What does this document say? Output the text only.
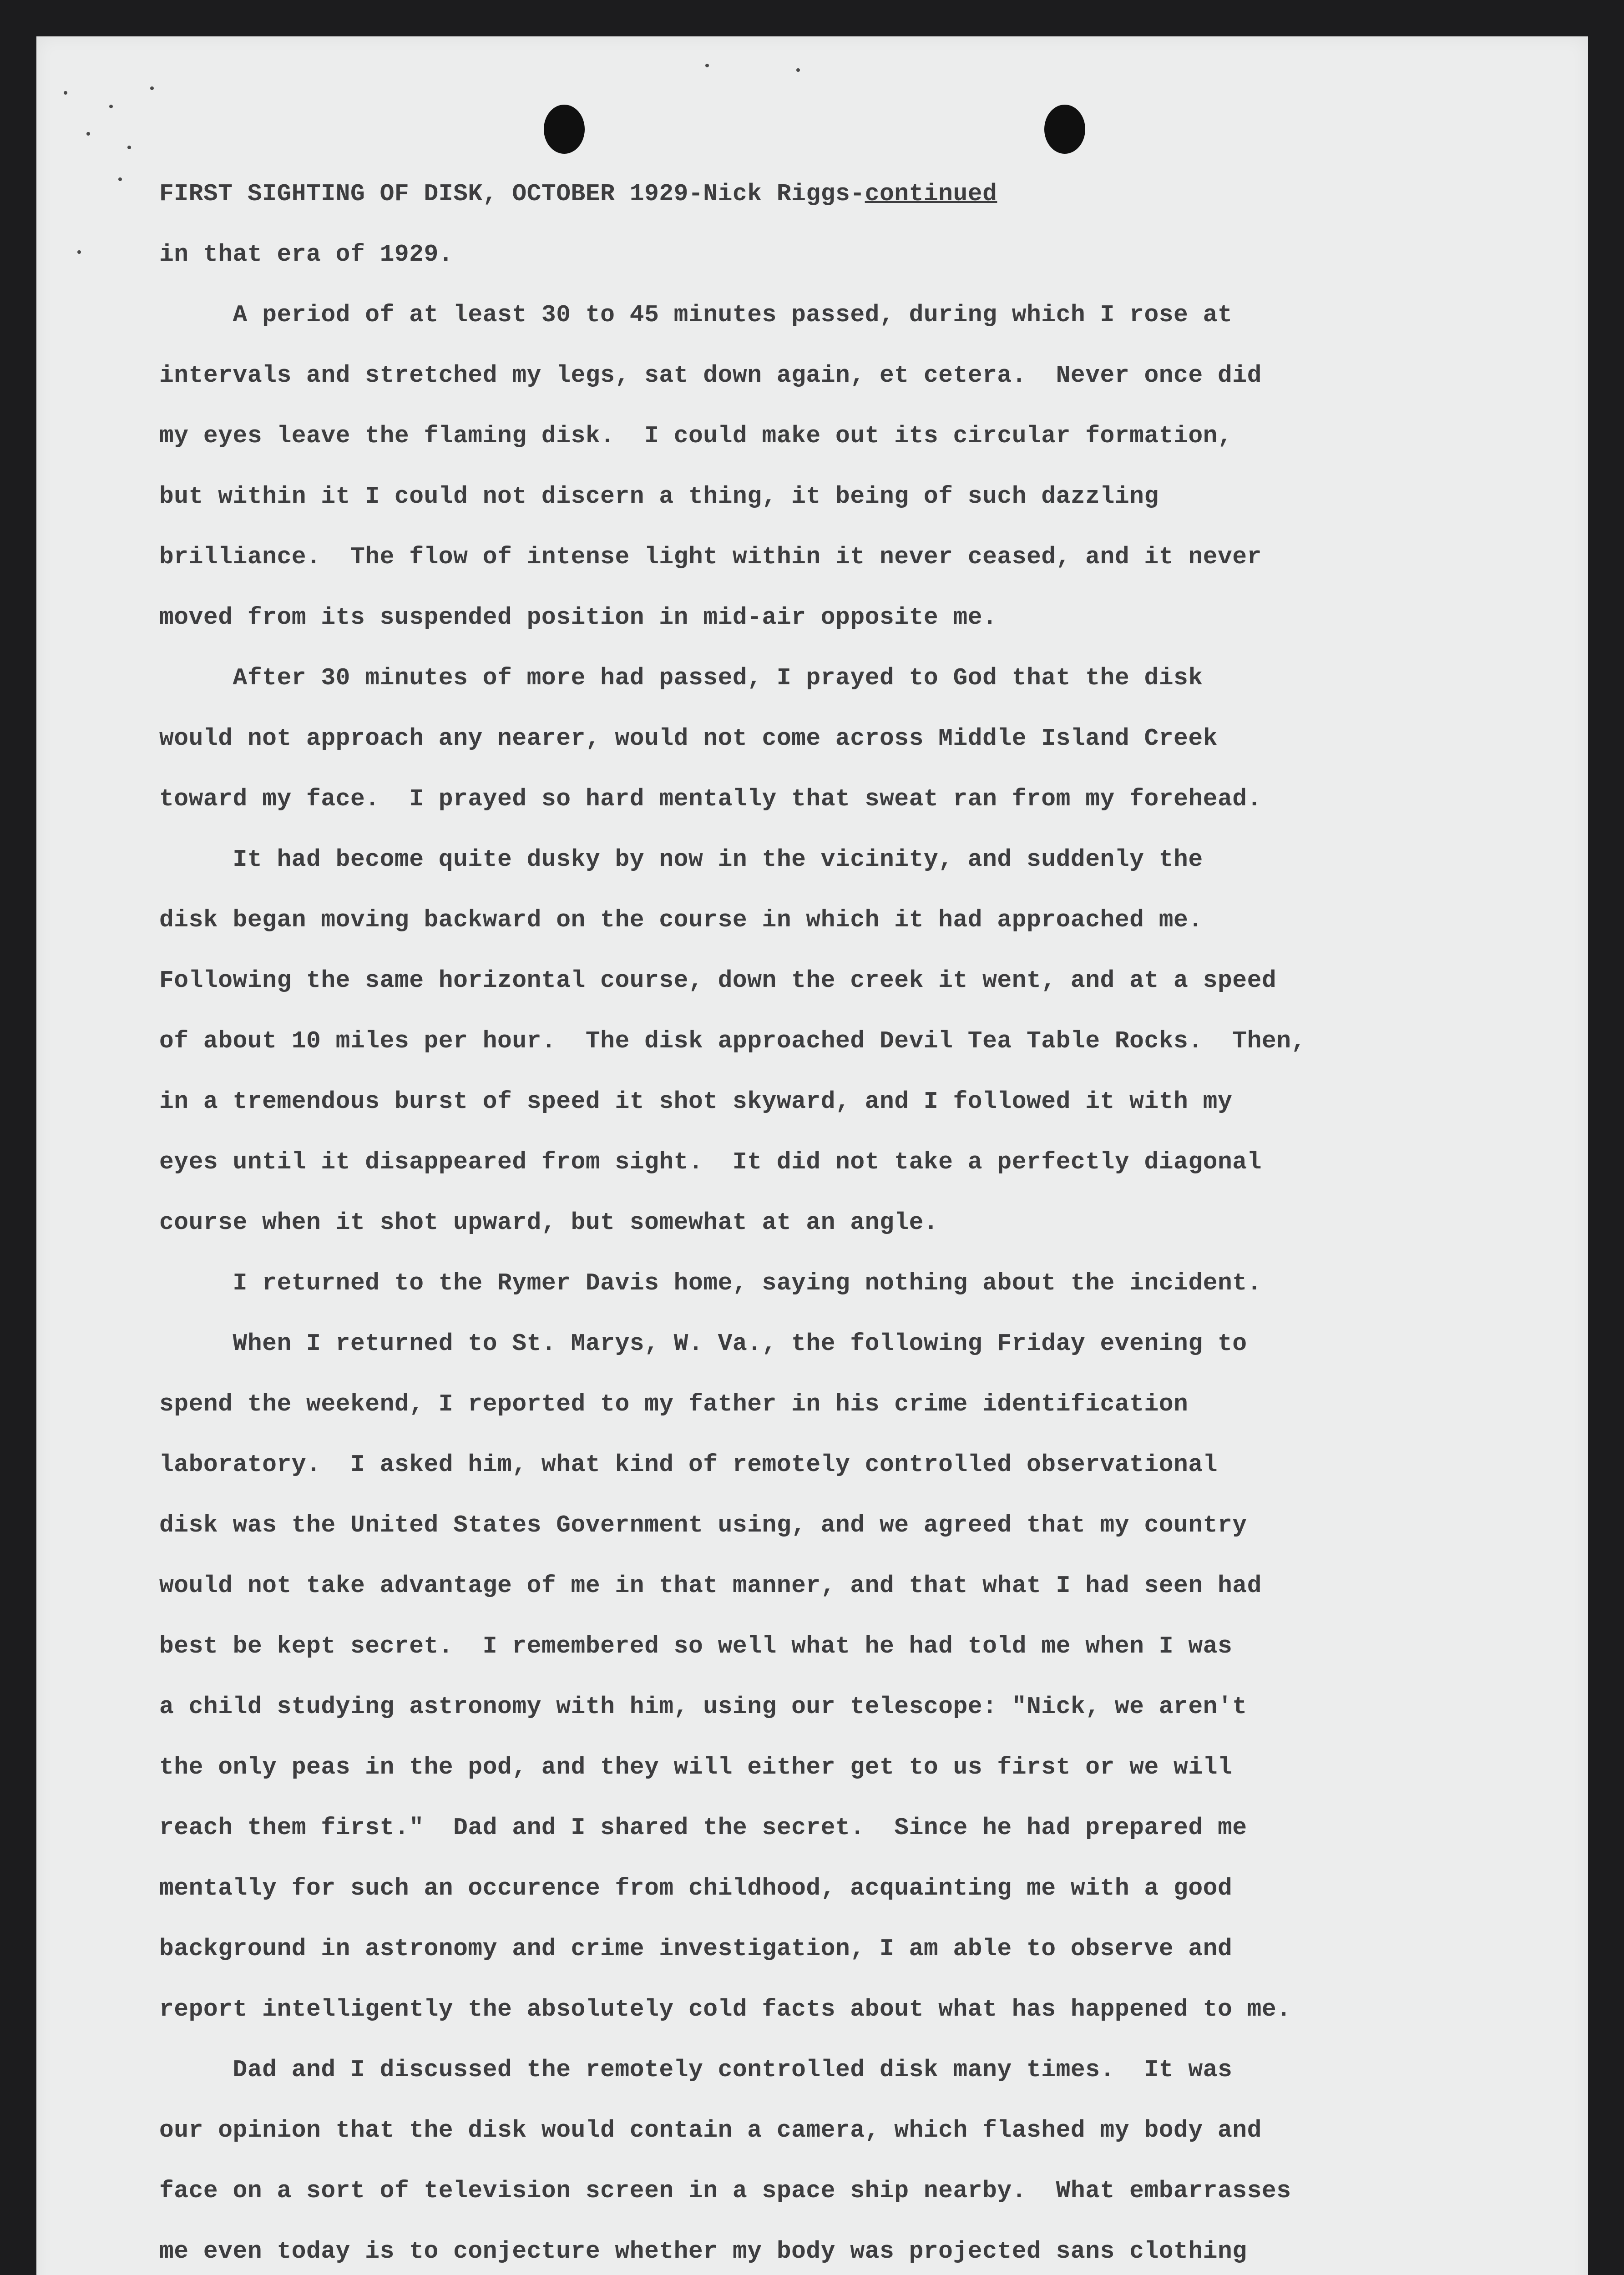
FIRST SIGHTING OF DISK, OCTOBER 1929-Nick Riggs-continued

in that era of 1929.

A period of at least 30 to 45 minutes passed, during which I rose at

intervals and stretched my legs, sat down again, et cetera.  Never once did

my eyes leave the flaming disk.  I could make out its circular formation,

but within it I could not discern a thing, it being of such dazzling

brilliance.  The flow of intense light within it never ceased, and it never

moved from its suspended position in mid-air opposite me.

After 30 minutes of more had passed, I prayed to God that the disk

would not approach any nearer, would not come across Middle Island Creek

toward my face.  I prayed so hard mentally that sweat ran from my forehead.

It had become quite dusky by now in the vicinity, and suddenly the

disk began moving backward on the course in which it had approached me.

Following the same horizontal course, down the creek it went, and at a speed

of about 10 miles per hour.  The disk approached Devil Tea Table Rocks.  Then,

in a tremendous burst of speed it shot skyward, and I followed it with my

eyes until it disappeared from sight.  It did not take a perfectly diagonal

course when it shot upward, but somewhat at an angle.

I returned to the Rymer Davis home, saying nothing about the incident.

When I returned to St. Marys, W. Va., the following Friday evening to

spend the weekend, I reported to my father in his crime identification

laboratory.  I asked him, what kind of remotely controlled observational

disk was the United States Government using, and we agreed that my country

would not take advantage of me in that manner, and that what I had seen had

best be kept secret.  I remembered so well what he had told me when I was

a child studying astronomy with him, using our telescope: "Nick, we aren't

the only peas in the pod, and they will either get to us first or we will

reach them first."  Dad and I shared the secret.  Since he had prepared me

mentally for such an occurence from childhood, acquainting me with a good

background in astronomy and crime investigation, I am able to observe and

report intelligently the absolutely cold facts about what has happened to me.

Dad and I discussed the remotely controlled disk many times.  It was

our opinion that the disk would contain a camera, which flashed my body and

face on a sort of television screen in a space ship nearby.  What embarrasses

me even today is to conjecture whether my body was projected sans clothing
